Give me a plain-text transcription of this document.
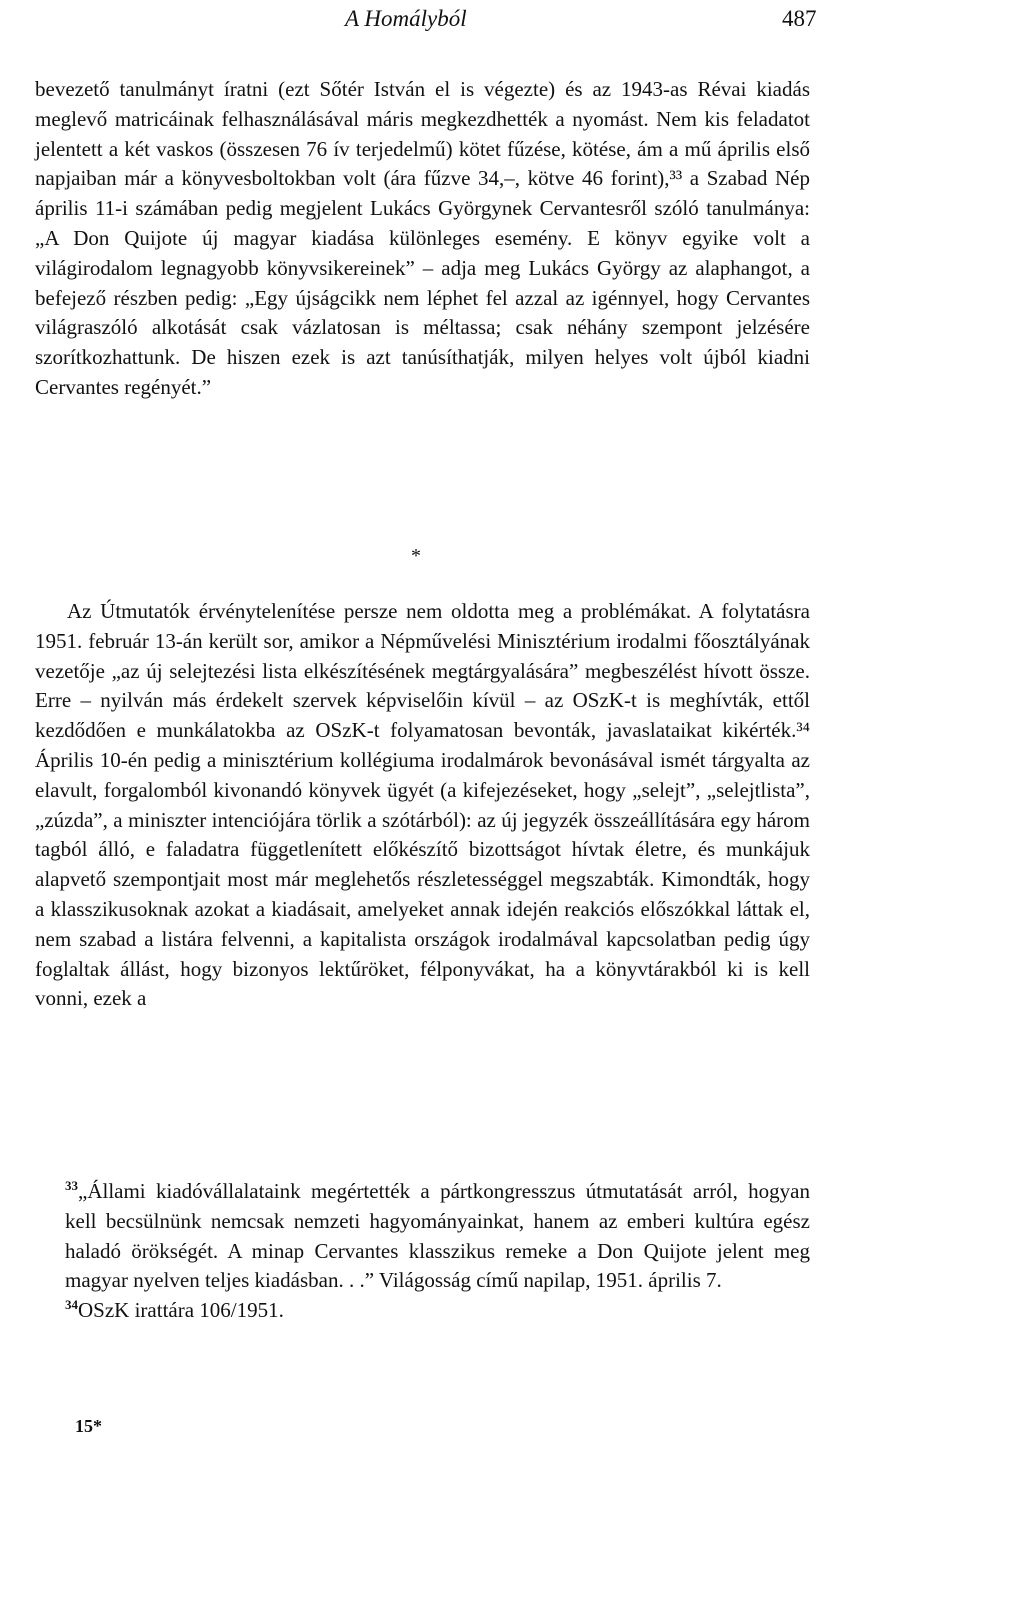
A Homályból	487

bevezető tanulmányt íratni (ezt Sőtér István el is végezte) és az 1943-as Révai kiadás meglevő matricáinak felhasználásával máris megkezdhették a nyomást. Nem kis feladatot jelentett a két vaskos (összesen 76 ív terjedelmű) kötet fűzése, kötése, ám a mű április első napjaiban már a könyvesboltokban volt (ára fűzve 34,–, kötve 46 forint),³³ a Szabad Nép április 11-i számában pedig megjelent Lukács Györgynek Cervantesről szóló tanulmánya: „A Don Quijote új magyar kiadása különleges esemény. E könyv egyike volt a világirodalom legnagyobb könyvsikereinek” – adja meg Lukács György az alaphangot, a befejező részben pedig: „Egy újságcikk nem léphet fel azzal az igénnyel, hogy Cervantes világraszóló alkotását csak vázlatosan is méltassa; csak néhány szempont jelzésére szorítkozhattunk. De hiszen ezek is azt tanúsíthatják, milyen helyes volt újból kiadni Cervantes regényét.”

*

Az Útmutatók érvénytelenítése persze nem oldotta meg a problémákat. A folytatásra 1951. február 13-án került sor, amikor a Népművelési Minisztérium irodalmi főosztályának vezetője „az új selejtezési lista elkészítésének megtárgyalására” megbeszélést hívott össze. Erre – nyilván más érdekelt szervek képviselőin kívül – az OSzK-t is meghívták, ettől kezdődően e munkálatokba az OSzK-t folyamatosan bevonták, javaslataikat kikérték.³⁴ Április 10-én pedig a minisztérium kollégiuma irodalmárok bevonásával ismét tárgyalta az elavult, forgalomból kivonandó könyvek ügyét (a kifejezéseket, hogy „selejt”, „selejtlista”, „zúzda”, a miniszter intenciójára törlik a szótárból): az új jegyzék összeállítására egy három tagból álló, e faladatra függetlenített előkészítő bizottságot hívtak életre, és munkájuk alapvető szempontjait most már meglehetős részletességgel megszabták. Kimondták, hogy a klasszikusoknak azokat a kiadásait, amelyeket annak idején reakciós előszókkal láttak el, nem szabad a listára felvenni, a kapitalista országok irodalmával kapcsolatban pedig úgy foglaltak állást, hogy bizonyos lektűröket, félponyvákat, ha a könyvtárakból ki is kell vonni, ezek a

$^{33}$„Állami kiadóvállalataink megértették a pártkongresszus útmutatását arról, hogyan kell becsülnünk nemcsak nemzeti hagyományainkat, hanem az emberi kultúra egész haladó örökségét. A minap Cervantes klasszikus remeke a Don Quijote jelent meg magyar nyelven teljes kiadásban. . .” Világosság című napilap, 1951. április 7.

$^{34}$OSzK irattára 106/1951.

15*
